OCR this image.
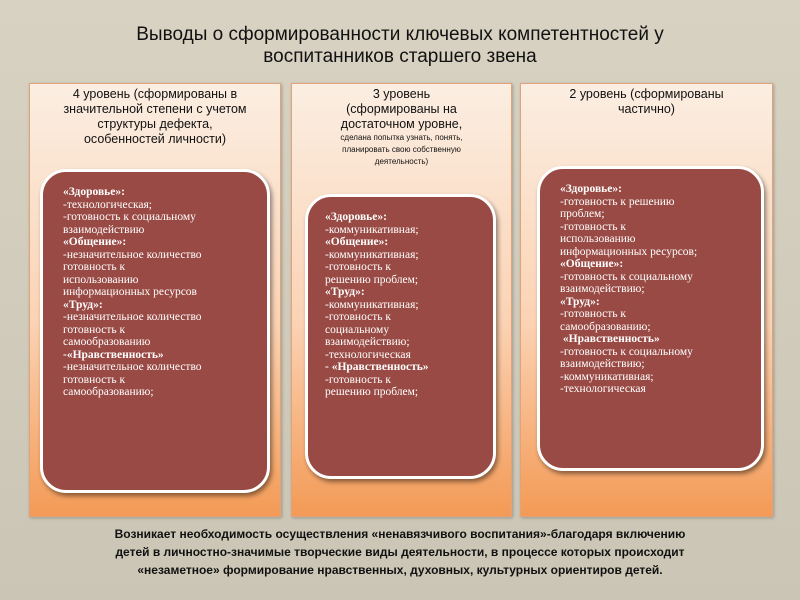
Выводы о сформированности ключевых компетентностей у
воспитанников старшего звена
4 уровень (сформированы в
значительной степени с учетом
структуры дефекта,
особенностей личности)
«Здоровье»:
-технологическая;
-готовность к социальному
взаимодействию
«Общение»:
-незначительное количество
готовность к
использованию
информационных ресурсов
«Труд»:
-незначительное количество
готовность к
самообразованию
-«Нравственность»
-незначительное количество
готовность к
самообразованию;
3 уровень
(сформированы на
достаточном уровне,
сделана попытка узнать, понять,
планировать свою собственную
деятельность)
«Здоровье»:
-коммуникативная;
«Общение»:
-коммуникативная;
-готовность к
решению проблем;
«Труд»:
-коммуникативная;
-готовность к
социальному
взаимодействию;
-технологическая
- «Нравственность»
-готовность к
решению проблем;
2 уровень (сформированы
частично)
«Здоровье»:
-готовность к решению
проблем;
-готовность к
использованию
информационных ресурсов;
«Общение»:
-готовность к социальному
взаимодействию;
«Труд»:
-готовность к
самообразованию;
«Нравственность»
-готовность к социальному
взаимодействию;
-коммуникативная;
-технологическая
Возникает необходимость осуществления «ненавязчивого воспитания»-благодаря включению
детей в личностно-значимые творческие виды деятельности, в процессе которых происходит
«незаметное» формирование нравственных, духовных, культурных ориентиров детей.
